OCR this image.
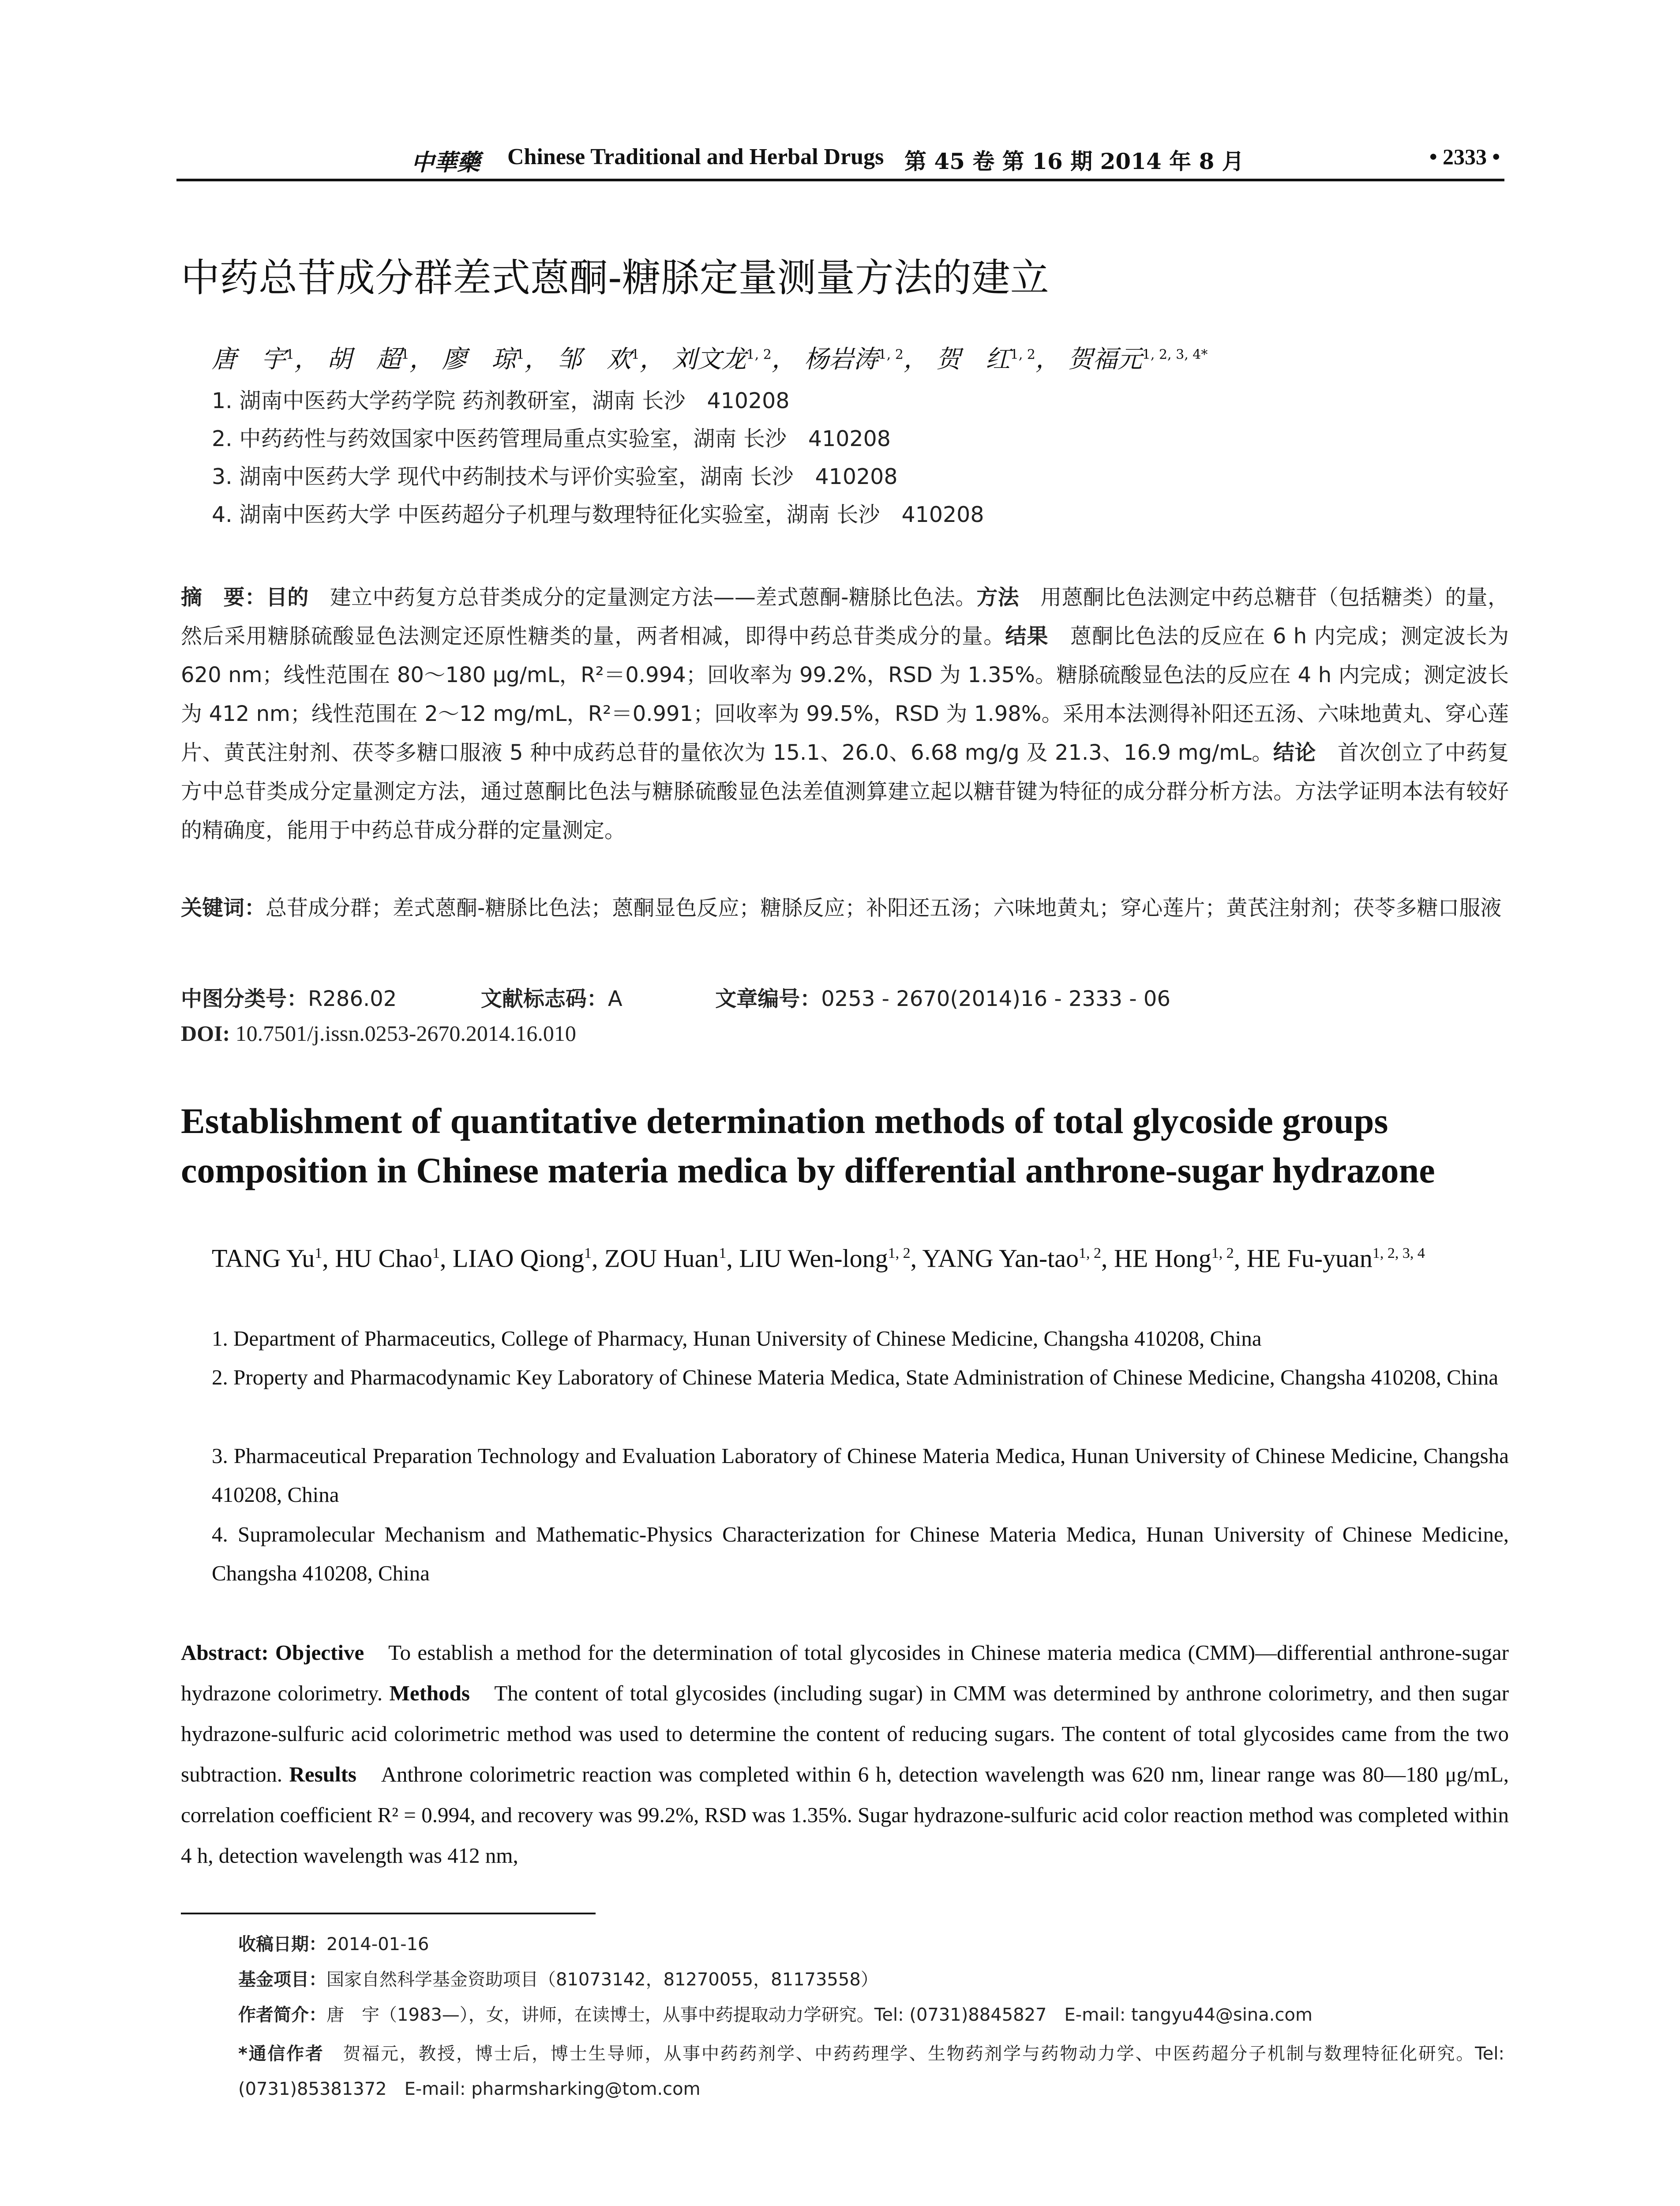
中華藥 Chinese Traditional and Herbal Drugs 第 45 卷 第 16 期 2014 年 8 月	• 2333 •
中药总苷成分群差式蒽酮-糖脎定量测量方法的建立
唐　宇$^1$， 胡　超$^1$， 廖　琼$^1$， 邹　欢$^1$， 刘文龙$^{1, 2}$， 杨岩涛$^{1, 2}$， 贺　红$^{1, 2}$， 贺福元$^{1, 2, 3, 4*}$
1. 湖南中医药大学药学院 药剂教研室，湖南 长沙　410208
2. 中药药性与药效国家中医药管理局重点实验室，湖南 长沙　410208
3. 湖南中医药大学 现代中药制技术与评价实验室，湖南 长沙　410208
4. 湖南中医药大学 中医药超分子机理与数理特征化实验室，湖南 长沙　410208
摘　要：目的　建立中药复方总苷类成分的定量测定方法——差式蒽酮-糖脎比色法。方法　用蒽酮比色法测定中药总糖苷（包括糖类）的量，然后采用糖脎硫酸显色法测定还原性糖类的量，两者相减，即得中药总苷类成分的量。结果　蒽酮比色法的反应在 6 h 内完成；测定波长为 620 nm；线性范围在 80～180 μg/mL，R²＝0.994；回收率为 99.2%，RSD 为 1.35%。糖脎硫酸显色法的反应在 4 h 内完成；测定波长为 412 nm；线性范围在 2～12 mg/mL，R²＝0.991；回收率为 99.5%，RSD 为 1.98%。采用本法测得补阳还五汤、六味地黄丸、穿心莲片、黄芪注射剂、茯苓多糖口服液 5 种中成药总苷的量依次为 15.1、26.0、6.68 mg/g 及 21.3、16.9 mg/mL。结论　首次创立了中药复方中总苷类成分定量测定方法，通过蒽酮比色法与糖脎硫酸显色法差值测算建立起以糖苷键为特征的成分群分析方法。方法学证明本法有较好的精确度，能用于中药总苷成分群的定量测定。
关键词：总苷成分群；差式蒽酮-糖脎比色法；蒽酮显色反应；糖脎反应；补阳还五汤；六味地黄丸；穿心莲片；黄芪注射剂；茯苓多糖口服液
中图分类号：R286.02	文献标志码：A	文章编号：0253 - 2670(2014)16 - 2333 - 06
DOI: 10.7501/j.issn.0253-2670.2014.16.010
Establishment of quantitative determination methods of total glycoside groups composition in Chinese materia medica by differential anthrone-sugar hydrazone
TANG Yu$^1$, HU Chao$^1$, LIAO Qiong$^1$, ZOU Huan$^1$, LIU Wen-long$^{1, 2}$, YANG Yan-tao$^{1, 2}$, HE Hong$^{1, 2}$, HE Fu-yuan$^{1, 2, 3, 4}$
1. Department of Pharmaceutics, College of Pharmacy, Hunan University of Chinese Medicine, Changsha 410208, China
2. Property and Pharmacodynamic Key Laboratory of Chinese Materia Medica, State Administration of Chinese Medicine, Changsha 410208, China
3. Pharmaceutical Preparation Technology and Evaluation Laboratory of Chinese Materia Medica, Hunan University of Chinese Medicine, Changsha 410208, China
4. Supramolecular Mechanism and Mathematic-Physics Characterization for Chinese Materia Medica, Hunan University of Chinese Medicine, Changsha 410208, China
Abstract: Objective　To establish a method for the determination of total glycosides in Chinese materia medica (CMM)—differential anthrone-sugar hydrazone colorimetry. Methods　The content of total glycosides (including sugar) in CMM was determined by anthrone colorimetry, and then sugar hydrazone-sulfuric acid colorimetric method was used to determine the content of reducing sugars. The content of total glycosides came from the two subtraction. Results　Anthrone colorimetric reaction was completed within 6 h, detection wavelength was 620 nm, linear range was 80—180 μg/mL, correlation coefficient R² = 0.994, and recovery was 99.2%, RSD was 1.35%. Sugar hydrazone-sulfuric acid color reaction method was completed within 4 h, detection wavelength was 412 nm,
收稿日期：2014-01-16
基金项目：国家自然科学基金资助项目（81073142，81270055，81173558）
作者简介：唐　宇（1983—），女，讲师，在读博士，从事中药提取动力学研究。Tel: (0731)8845827　E-mail: tangyu44@sina.com
*通信作者　贺福元，教授，博士后，博士生导师，从事中药药剂学、中药药理学、生物药剂学与药物动力学、中医药超分子机制与数理特征化研究。Tel: (0731)85381372　E-mail: pharmsharking@tom.com
